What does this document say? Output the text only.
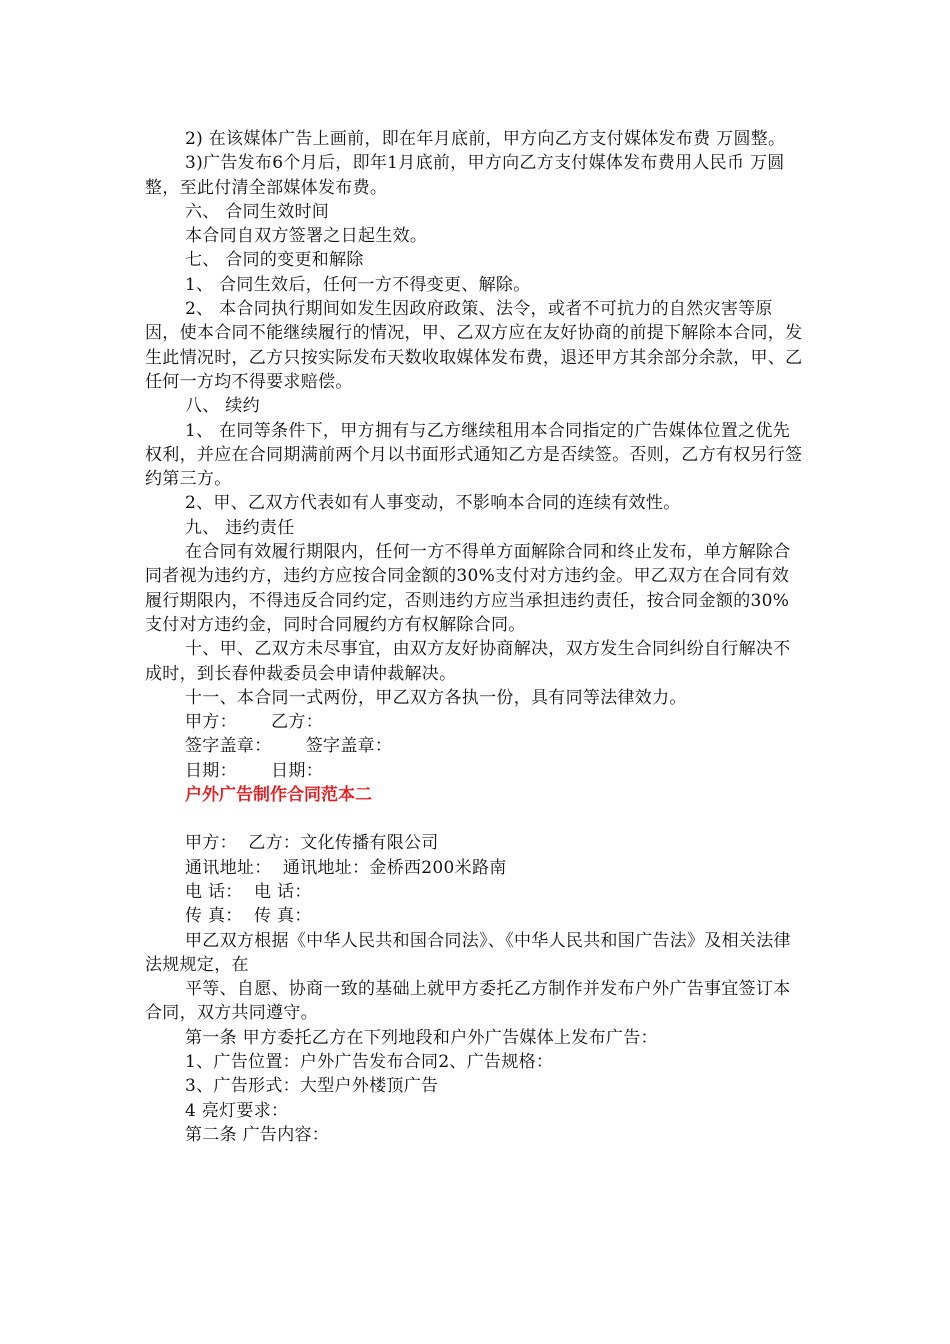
2) 在该媒体广告上画前，即在年月底前，甲方向乙方支付媒体发布费 万圆整。

3)广告发布6个月后，即年1月底前，甲方向乙方支付媒体发布费用人民币 万圆整，至此付清全部媒体发布费。

六、 合同生效时间

本合同自双方签署之日起生效。

七、 合同的变更和解除

1、 合同生效后，任何一方不得变更、解除。

2、 本合同执行期间如发生因政府政策、法令，或者不可抗力的自然灾害等原因，使本合同不能继续履行的情况，甲、乙双方应在友好协商的前提下解除本合同，发生此情况时，乙方只按实际发布天数收取媒体发布费，退还甲方其余部分余款，甲、乙任何一方均不得要求赔偿。

八、 续约

1、 在同等条件下，甲方拥有与乙方继续租用本合同指定的广告媒体位置之优先权利，并应在合同期满前两个月以书面形式通知乙方是否续签。否则，乙方有权另行签约第三方。

2、甲、乙双方代表如有人事变动，不影响本合同的连续有效性。

九、 违约责任

在合同有效履行期限内，任何一方不得单方面解除合同和终止发布，单方解除合同者视为违约方，违约方应按合同金额的30%支付对方违约金。甲乙双方在合同有效履行期限内，不得违反合同约定，否则违约方应当承担违约责任，按合同金额的30%支付对方违约金，同时合同履约方有权解除合同。

十、甲、乙双方未尽事宜，由双方友好协商解决，双方发生合同纠纷自行解决不成时，到长春仲裁委员会申请仲裁解决。

十一、本合同一式两份，甲乙双方各执一份，具有同等法律效力。

甲方：      乙方：

签字盖章：      签字盖章：

日期：      日期：

户外广告制作合同范本二

甲方：  乙方：文化传播有限公司

通讯地址：  通讯地址：金桥西200米路南

电 话：  电 话：

传 真：  传 真：

甲乙双方根据《中华人民共和国合同法》、《中华人民共和国广告法》及相关法律法规规定，在

平等、自愿、协商一致的基础上就甲方委托乙方制作并发布户外广告事宜签订本合同，双方共同遵守。

第一条 甲方委托乙方在下列地段和户外广告媒体上发布广告：

1、广告位置：户外广告发布合同2、广告规格：

3、广告形式：大型户外楼顶广告

4 亮灯要求：

第二条 广告内容：
